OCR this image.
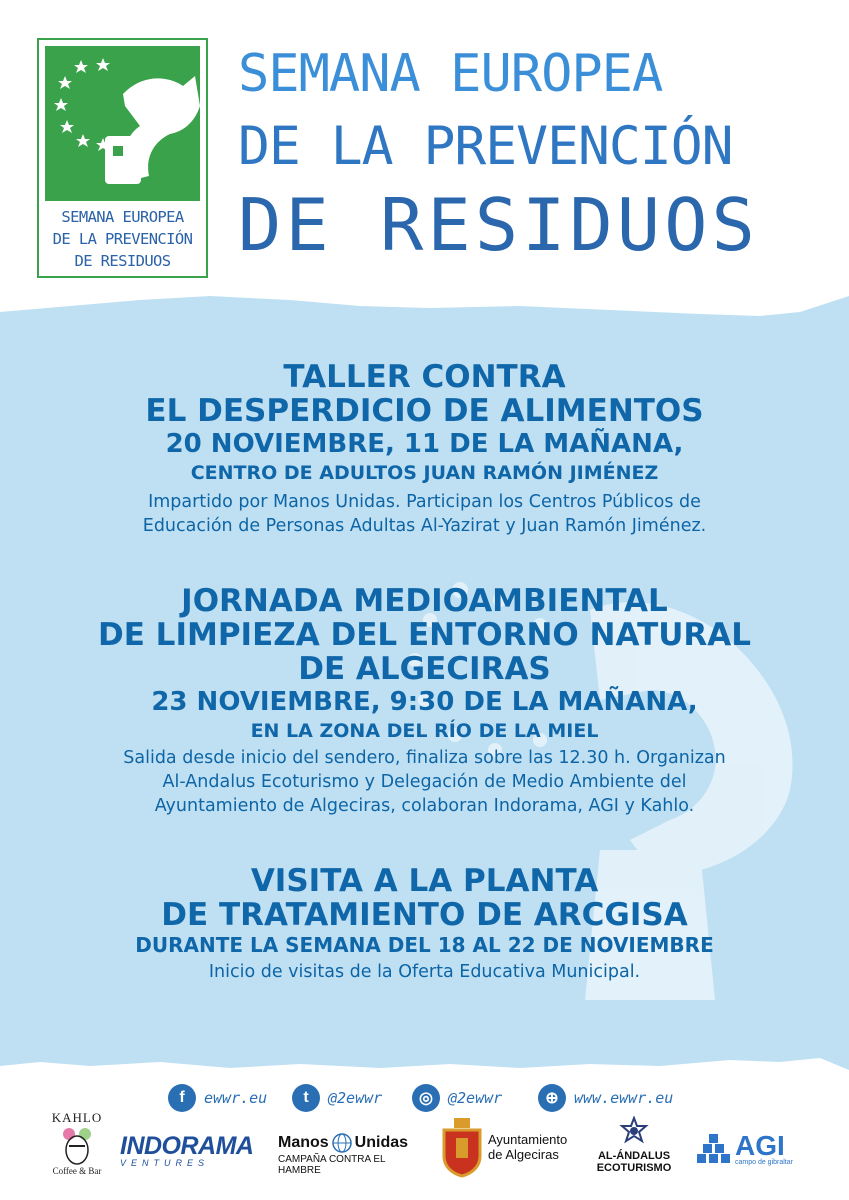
SEMANA EUROPEA
DE LA PREVENCIÓN
DE RESIDUOS
SEMANA EUROPEA
DE LA PREVENCIÓN
DE RESIDUOS
TALLER CONTRA
EL DESPERDICIO DE ALIMENTOS
20 NOVIEMBRE, 11 DE LA MAÑANA,
CENTRO DE ADULTOS JUAN RAMÓN JIMÉNEZ
Impartido por Manos Unidas. Participan los Centros Públicos de
Educación de Personas Adultas Al-Yazirat y Juan Ramón Jiménez.
JORNADA MEDIOAMBIENTAL
DE LIMPIEZA DEL ENTORNO NATURAL
DE ALGECIRAS
23 NOVIEMBRE, 9:30 DE LA MAÑANA,
EN LA ZONA DEL RÍO DE LA MIEL
Salida desde inicio del sendero, finaliza sobre las 12.30 h. Organizan
Al-Andalus Ecoturismo y Delegación de Medio Ambiente del
Ayuntamiento de Algeciras, colaboran Indorama, AGI y Kahlo.
VISITA A LA PLANTA
DE TRATAMIENTO DE ARCGISA
DURANTE LA SEMANA DEL 18 AL 22 DE NOVIEMBRE
Inicio de visitas de la Oferta Educativa Municipal.
f	ewwr.eu	t	@2ewwr	◎	@2ewwr	⊕	www.ewwr.eu
KAHLO
Coffee & Bar
INDORAMA
VENTURES
Manos Unidas
CAMPAÑA CONTRA EL HAMBRE
Ayuntamiento
de Algeciras	AL-ÁNDALUS
ECOTURISMO
AGI
campo de gibraltar
